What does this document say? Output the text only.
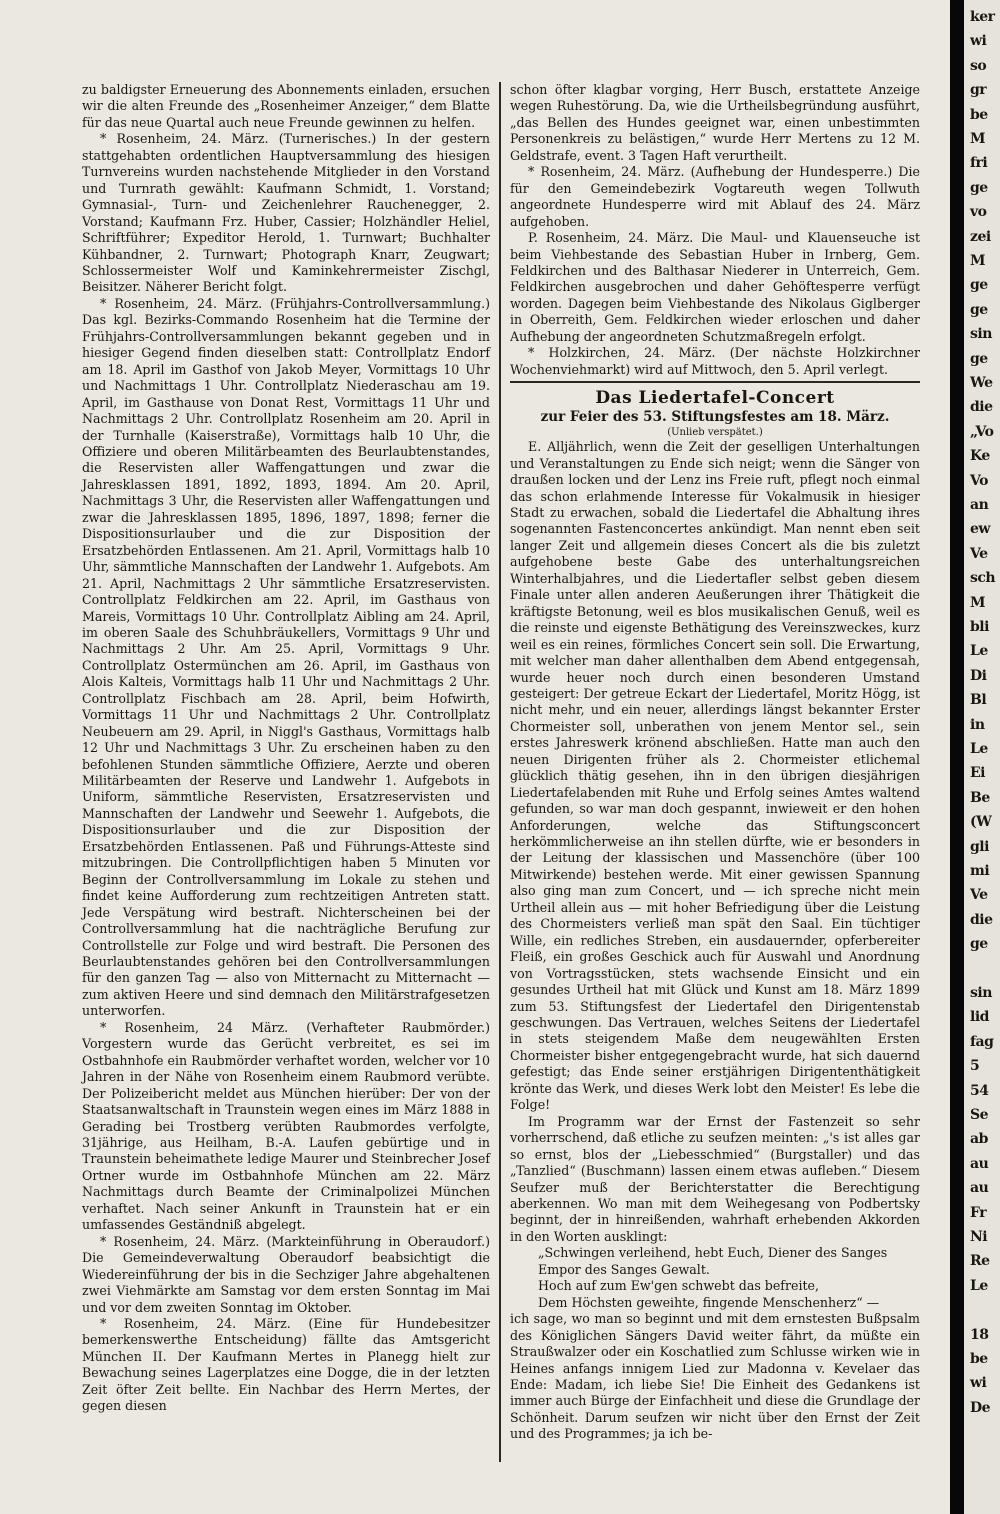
zu baldigster Erneuerung des Abonnements einladen, ersuchen wir die alten Freunde des „Rosenheimer Anzeiger,“ dem Blatte für das neue Quartal auch neue Freunde gewinnen zu helfen.

* Rosenheim, 24. März. (Turnerisches.) In der gestern stattgehabten ordentlichen Hauptversammlung des hiesigen Turnvereins wurden nachstehende Mitglieder in den Vorstand und Turnrath gewählt: Kaufmann Schmidt, 1. Vorstand; Gymnasial-, Turn- und Zeichenlehrer Rauchenegger, 2. Vorstand; Kaufmann Frz. Huber, Cassier; Holzhändler Heliel, Schriftführer; Expeditor Herold, 1. Turnwart; Buchhalter Kühbandner, 2. Turnwart; Photograph Knarr, Zeugwart; Schlossermeister Wolf und Kaminkehrermeister Zischgl, Beisitzer. Näherer Bericht folgt.

* Rosenheim, 24. März. (Frühjahrs-Controllversammlung.) Das kgl. Bezirks-Commando Rosenheim hat die Termine der Frühjahrs-Controllversammlungen bekannt gegeben und in hiesiger Gegend finden dieselben statt: Controllplatz Endorf am 18. April im Gasthof von Jakob Meyer, Vormittags 10 Uhr und Nachmittags 1 Uhr. Controllplatz Niederaschau am 19. April, im Gasthause von Donat Rest, Vormittags 11 Uhr und Nachmittags 2 Uhr. Controllplatz Rosenheim am 20. April in der Turnhalle (Kaiserstraße), Vormittags halb 10 Uhr, die Offiziere und oberen Militärbeamten des Beurlaubtenstandes, die Reservisten aller Waffengattungen und zwar die Jahresklassen 1891, 1892, 1893, 1894. Am 20. April, Nachmittags 3 Uhr, die Reservisten aller Waffengattungen und zwar die Jahresklassen 1895, 1896, 1897, 1898; ferner die Dispositionsurlauber und die zur Disposition der Ersatzbehörden Entlassenen. Am 21. April, Vormittags halb 10 Uhr, sämmtliche Mannschaften der Landwehr 1. Aufgebots. Am 21. April, Nachmittags 2 Uhr sämmtliche Ersatzreservisten. Controllplatz Feldkirchen am 22. April, im Gasthaus von Mareis, Vormittags 10 Uhr. Controllplatz Aibling am 24. April, im oberen Saale des Schuhbräukellers, Vormittags 9 Uhr und Nachmittags 2 Uhr. Am 25. April, Vormittags 9 Uhr. Controllplatz Ostermünchen am 26. April, im Gasthaus von Alois Kalteis, Vormittags halb 11 Uhr und Nachmittags 2 Uhr. Controllplatz Fischbach am 28. April, beim Hofwirth, Vormittags 11 Uhr und Nachmittags 2 Uhr. Controllplatz Neubeuern am 29. April, in Niggl's Gasthaus, Vormittags halb 12 Uhr und Nachmittags 3 Uhr. Zu erscheinen haben zu den befohlenen Stunden sämmtliche Offiziere, Aerzte und oberen Militärbeamten der Reserve und Landwehr 1. Aufgebots in Uniform, sämmtliche Reservisten, Ersatzreservisten und Mannschaften der Landwehr und Seewehr 1. Aufgebots, die Dispositionsurlauber und die zur Disposition der Ersatzbehörden Entlassenen. Paß und Führungs-Atteste sind mitzubringen. Die Controllpflichtigen haben 5 Minuten vor Beginn der Controllversammlung im Lokale zu stehen und findet keine Aufforderung zum rechtzeitigen Antreten statt. Jede Verspätung wird bestraft. Nichterscheinen bei der Controllversammlung hat die nachträgliche Berufung zur Controllstelle zur Folge und wird bestraft. Die Personen des Beurlaubtenstandes gehören bei den Controllversammlungen für den ganzen Tag — also von Mitternacht zu Mitternacht — zum aktiven Heere und sind demnach den Militärstrafgesetzen unterworfen.

* Rosenheim, 24 März. (Verhafteter Raubmörder.) Vorgestern wurde das Gerücht verbreitet, es sei im Ostbahnhofe ein Raubmörder verhaftet worden, welcher vor 10 Jahren in der Nähe von Rosenheim einem Raubmord verübte. Der Polizeibericht meldet aus München hierüber: Der von der Staatsanwaltschaft in Traunstein wegen eines im März 1888 in Gerading bei Trostberg verübten Raubmordes verfolgte, 31jährige, aus Heilham, B.-A. Laufen gebürtige und in Traunstein beheimathete ledige Maurer und Steinbrecher Josef Ortner wurde im Ostbahnhofe München am 22. März Nachmittags durch Beamte der Criminalpolizei München verhaftet. Nach seiner Ankunft in Traunstein hat er ein umfassendes Geständniß abgelegt.

* Rosenheim, 24. März. (Markteinführung in Oberaudorf.) Die Gemeindeverwaltung Oberaudorf beabsichtigt die Wiedereinführung der bis in die Sechziger Jahre abgehaltenen zwei Viehmärkte am Samstag vor dem ersten Sonntag im Mai und vor dem zweiten Sonntag im Oktober.

* Rosenheim, 24. März. (Eine für Hundebesitzer bemerkenswerthe Entscheidung) fällte das Amtsgericht München II. Der Kaufmann Mertes in Planegg hielt zur Bewachung seines Lagerplatzes eine Dogge, die in der letzten Zeit öfter Zeit bellte. Ein Nachbar des Herrn Mertes, der gegen diesen

schon öfter klagbar vorging, Herr Busch, erstattete Anzeige wegen Ruhestörung. Da, wie die Urtheilsbegründung ausführt, „das Bellen des Hundes geeignet war, einen unbestimmten Personenkreis zu belästigen,“ wurde Herr Mertens zu 12 M. Geldstrafe, event. 3 Tagen Haft verurtheilt.

* Rosenheim, 24. März. (Aufhebung der Hundesperre.) Die für den Gemeindebezirk Vogtareuth wegen Tollwuth angeordnete Hundesperre wird mit Ablauf des 24. März aufgehoben.

P. Rosenheim, 24. März. Die Maul- und Klauenseuche ist beim Viehbestande des Sebastian Huber in Irnberg, Gem. Feldkirchen und des Balthasar Niederer in Unterreich, Gem. Feldkirchen ausgebrochen und daher Gehöftesperre verfügt worden. Dagegen beim Viehbestande des Nikolaus Giglberger in Oberreith, Gem. Feldkirchen wieder erloschen und daher Aufhebung der angeordneten Schutzmaßregeln erfolgt.

* Holzkirchen, 24. März. (Der nächste Holzkirchner Wochenviehmarkt) wird auf Mittwoch, den 5. April verlegt.

Das Liedertafel-Concert
zur Feier des 53. Stiftungsfestes am 18. März.
(Unlieb verspätet.)

E. Alljährlich, wenn die Zeit der geselligen Unterhaltungen und Veranstaltungen zu Ende sich neigt; wenn die Sänger von draußen locken und der Lenz ins Freie ruft, pflegt noch einmal das schon erlahmende Interesse für Vokalmusik in hiesiger Stadt zu erwachen, sobald die Liedertafel die Abhaltung ihres sogenannten Fastenconcertes ankündigt. Man nennt eben seit langer Zeit und allgemein dieses Concert als die bis zuletzt aufgehobene beste Gabe des unterhaltungsreichen Winterhalbjahres, und die Liedertafler selbst geben diesem Finale unter allen anderen Aeußerungen ihrer Thätigkeit die kräftigste Betonung, weil es blos musikalischen Genuß, weil es die reinste und eigenste Bethätigung des Vereinszweckes, kurz weil es ein reines, förmliches Concert sein soll. Die Erwartung, mit welcher man daher allenthalben dem Abend entgegensah, wurde heuer noch durch einen besonderen Umstand gesteigert: Der getreue Eckart der Liedertafel, Moritz Högg, ist nicht mehr, und ein neuer, allerdings längst bekannter Erster Chormeister soll, unberathen von jenem Mentor sel., sein erstes Jahreswerk krönend abschließen. Hatte man auch den neuen Dirigenten früher als 2. Chormeister etlichemal glücklich thätig gesehen, ihn in den übrigen diesjährigen Liedertafelabenden mit Ruhe und Erfolg seines Amtes waltend gefunden, so war man doch gespannt, inwieweit er den hohen Anforderungen, welche das Stiftungsconcert herkömmlicherweise an ihn stellen dürfte, wie er besonders in der Leitung der klassischen und Massenchöre (über 100 Mitwirkende) bestehen werde. Mit einer gewissen Spannung also ging man zum Concert, und — ich spreche nicht mein Urtheil allein aus — mit hoher Befriedigung über die Leistung des Chormeisters verließ man spät den Saal. Ein tüchtiger Wille, ein redliches Streben, ein ausdauernder, opferbereiter Fleiß, ein großes Geschick auch für Auswahl und Anordnung von Vortragsstücken, stets wachsende Einsicht und ein gesundes Urtheil hat mit Glück und Kunst am 18. März 1899 zum 53. Stiftungsfest der Liedertafel den Dirigentenstab geschwungen. Das Vertrauen, welches Seitens der Liedertafel in stets steigendem Maße dem neugewählten Ersten Chormeister bisher entgegengebracht wurde, hat sich dauernd gefestigt; das Ende seiner erstjährigen Dirigententhätigkeit krönte das Werk, und dieses Werk lobt den Meister! Es lebe die Folge!

Im Programm war der Ernst der Fastenzeit so sehr vorherrschend, daß etliche zu seufzen meinten: „'s ist alles gar so ernst, blos der „Liebesschmied“ (Burgstaller) und das „Tanzlied“ (Buschmann) lassen einem etwas aufleben.“ Diesem Seufzer muß der Berichterstatter die Berechtigung aberkennen. Wo man mit dem Weihegesang von Podbertsky beginnt, der in hinreißenden, wahrhaft erhebenden Akkorden in den Worten ausklingt:

„Schwingen verleihend, hebt Euch, Diener des Sanges

Empor des Sanges Gewalt.

Hoch auf zum Ew'gen schwebt das befreite,

Dem Höchsten geweihte, fingende Menschenherz“ —

ich sage, wo man so beginnt und mit dem ernstesten Bußpsalm des Königlichen Sängers David weiter fährt, da müßte ein Straußwalzer oder ein Koschatlied zum Schlusse wirken wie in Heines anfangs innigem Lied zur Madonna v. Kevelaer das Ende: Madam, ich liebe Sie! Die Einheit des Gedankens ist immer auch Bürge der Einfachheit und diese die Grundlage der Schönheit. Darum seufzen wir nicht über den Ernst der Zeit und des Programmes; ja ich be-

ker
wi
so
gr
be
M
fri
ge
vo
zei
M
ge
ge
sin
ge
We
die
„Vo
Ke
Vo
an
ew
Ve
sch
M
bli
Le
Di
Bl
in
Le
Ei
Be
(W
gli
mi
Ve
die
ge
sin
lid
fag
5
54
Se
ab
au
au
Fr
Ni
Re
Le
18
be
wi
De
